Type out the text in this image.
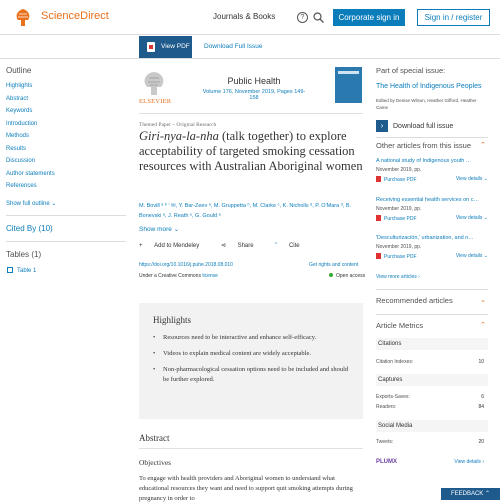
ScienceDirect	Journals & Books	?	Corporate sign in	Sign in / register
View PDF	Download Full Issue
Outline
Highlights
Abstract
Keywords
Introduction
Methods
Results
Discussion
Author statements
References
Show full outline ⌄
Cited By (10)
Tables (1)
Table 1
ELSEVIER
Public Health
Volume 176, November 2019, Pages 149-158
Themed Paper – Original Research
Giri-nya-la-nha (talk together) to explore acceptability of targeted smoking cessation resources with Australian Aboriginal women
M. Bovill ᵃ ᵇ ⁱ ✉, Y. Bar-Zeev ᵃ, M. Gruppetta ᵇ, M. Clarke ᶜ, K. Nicholls ᵈ, P. O'Mara ᵈ, B. Bonevski ᵃ, J. Reath ᵉ, G. Gould ᵃ
Show more ⌄
+ Add to Mendeley	⊲ Share	” Cite
https://doi.org/10.1016/j.puhe.2018.08.010	Get rights and content
Under a Creative Commons license	Open access
Highlights
• Resources need to be interactive and enhance self-efficacy.
• Videos to explain medical content are widely acceptable.
• Non-pharmacological cessation options need to be included and should be further explored.
Abstract
Objectives
To engage with health providers and Aboriginal women to understand what educational resources they want and need to support quit smoking attempts during pregnancy in order to
Part of special issue:
The Health of Indigenous Peoples
Edited by Denise Wilson, Heather Gifford, Heather Came
› Download full issue
Other articles from this issue ⌃
A national study of Indigenous youth …
November 2019, pp.
Purchase PDF	View details ⌄
Receiving essential health services on c…
November 2019, pp.
Purchase PDF	View details ⌄
'Desculturización,' urbanization, and n…
November 2019, pp.
Purchase PDF	View details ⌄
View more articles ›
Recommended articles	⌄
Article Metrics	⌃
Citations
Citation Indexes:	10
Captures
Exports-Saves:	6
Readers:	84
Social Media
Tweets:	20
PLUMX	View details ›
FEEDBACK ⌃
